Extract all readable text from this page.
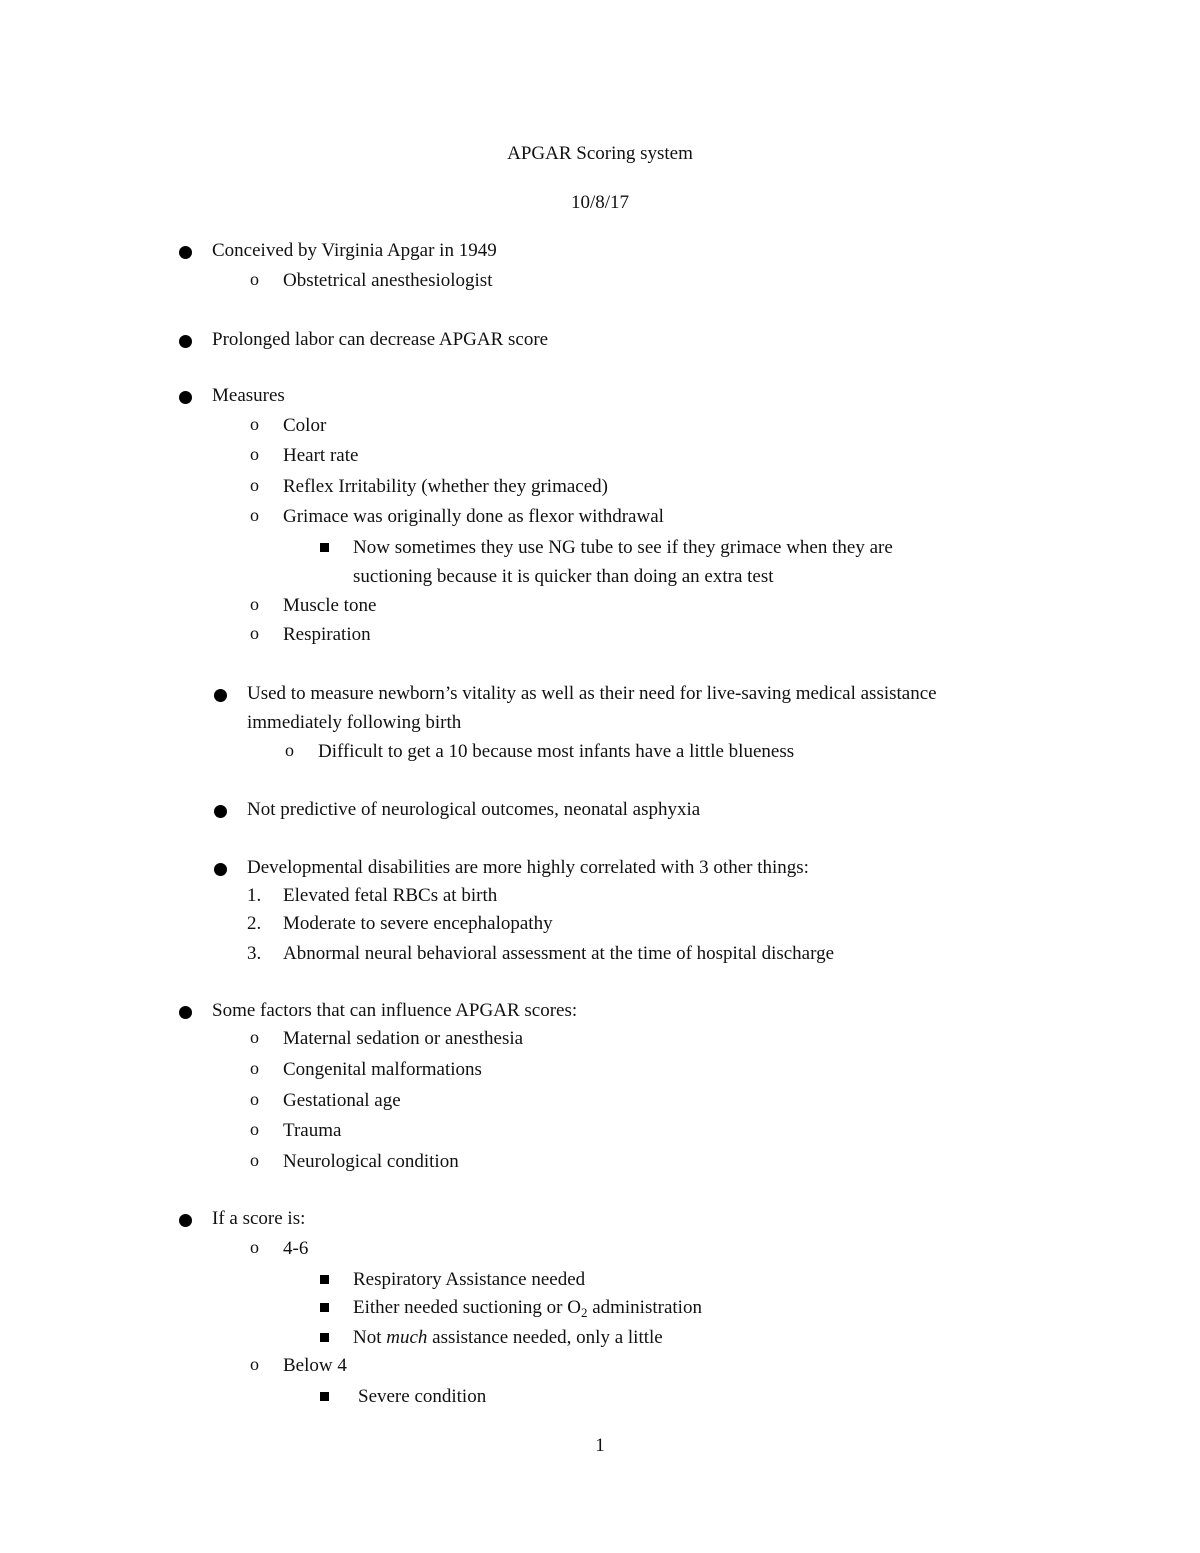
APGAR Scoring system
10/8/17
Conceived by Virginia Apgar in 1949
o Obstetrical anesthesiologist
Prolonged labor can decrease APGAR score
Measures
o Color
o Heart rate
o Reflex Irritability (whether they grimaced)
o Grimace was originally done as flexor withdrawal
Now sometimes they use NG tube to see if they grimace when they are
suctioning because it is quicker than doing an extra test
o Muscle tone
o Respiration
Used to measure newborn’s vitality as well as their need for live-saving medical assistance
immediately following birth
o Difficult to get a 10 because most infants have a little blueness
Not predictive of neurological outcomes, neonatal asphyxia
Developmental disabilities are more highly correlated with 3 other things:
1. Elevated fetal RBCs at birth
2. Moderate to severe encephalopathy
3. Abnormal neural behavioral assessment at the time of hospital discharge
Some factors that can influence APGAR scores:
o Maternal sedation or anesthesia
o Congenital malformations
o Gestational age
o Trauma
o Neurological condition
If a score is:
o 4-6
Respiratory Assistance needed
Either needed suctioning or $O_2$ administration
Not much assistance needed, only a little
o Below 4
Severe condition
1
